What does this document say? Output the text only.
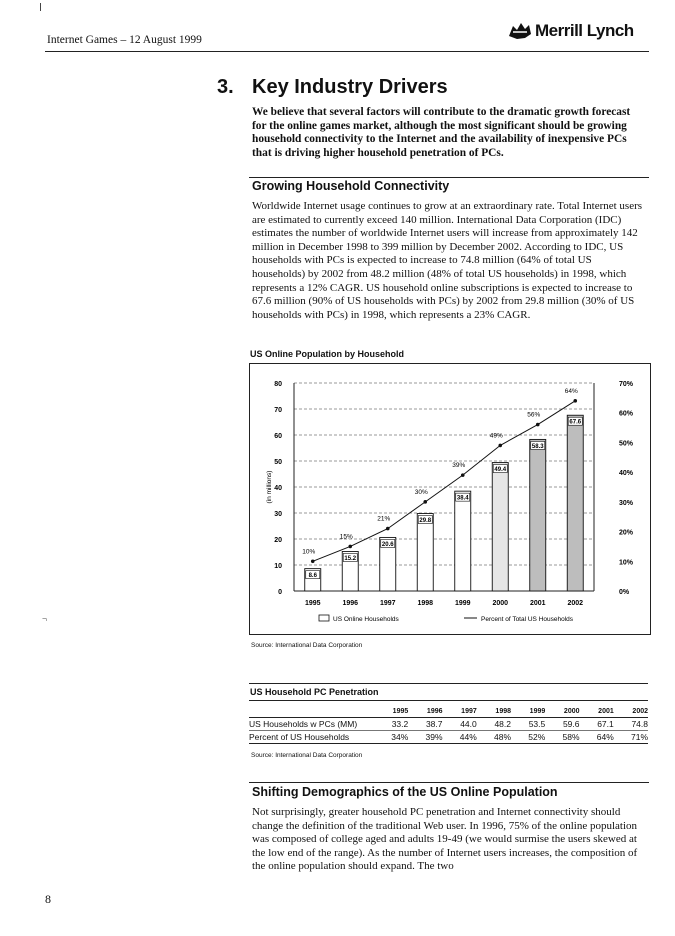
Internet Games – 12 August 1999	Merrill Lynch
3. Key Industry Drivers
We believe that several factors will contribute to the dramatic growth forecast for the online games market, although the most significant should be growing household connectivity to the Internet and the availability of inexpensive PCs that is driving higher household penetration of PCs.
Growing Household Connectivity
Worldwide Internet usage continues to grow at an extraordinary rate. Total Internet users are estimated to currently exceed 140 million. International Data Corporation (IDC) estimates the number of worldwide Internet users will increase from approximately 142 million in December 1998 to 399 million by December 2002. According to IDC, US households with PCs is expected to increase to 74.8 million (64% of total US households) by 2002 from 48.2 million (48% of total US households) in 1998, which represents a 12% CAGR. US household online subscriptions is expected to increase to 67.6 million (90% of US households with PCs) by 2002 from 29.8 million (30% of US households with PCs) in 1998, which represents a 23% CAGR.
US Online Population by Household
0
10
20
30
40
50
60
70
80
0%
10%
20%
30%
40%
50%
60%
70%
(in millions)
8.6
1995
15.2
1996
20.6
1997
29.8
1998
38.4
1999
49.4
2000
58.3
2001
67.6
2002
10%
15%
21%
30%
39%
49%
56%
64%
US Online Households	Percent of Total US Households
Source: International Data Corporation
US Household PC Penetration
	1995	1996	1997	1998	1999	2000	2001	2002
US Households w PCs (MM)	33.2	38.7	44.0	48.2	53.5	59.6	67.1	74.8
Percent of US Households	34%	39%	44%	48%	52%	58%	64%	71%
Source: International Data Corporation
Shifting Demographics of the US Online Population
Not surprisingly, greater household PC penetration and Internet connectivity should change the definition of the traditional Web user. In 1996, 75% of the online population was composed of college aged and adults 19-49 (we would surmise the users skewed at the low end of the range). As the number of Internet users increases, the composition of the online population should expand. The two
¬
8
